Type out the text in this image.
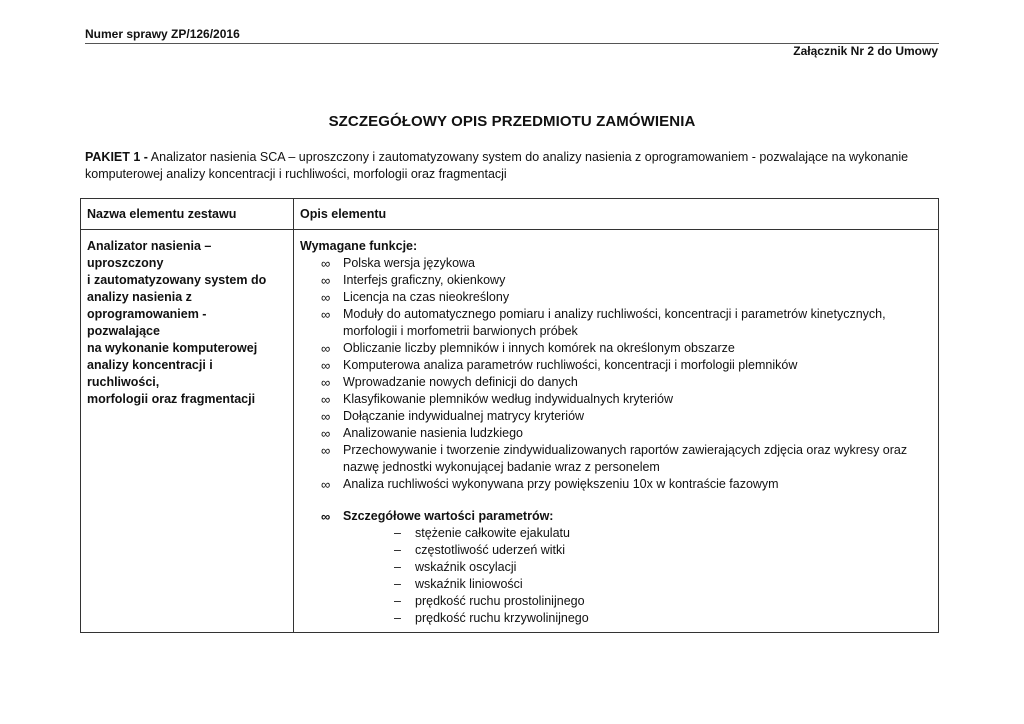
Numer sprawy ZP/126/2016
Załącznik Nr 2 do Umowy
SZCZEGÓŁOWY OPIS PRZEDMIOTU ZAMÓWIENIA
PAKIET 1 - Analizator nasienia SCA – uproszczony i zautomatyzowany system do analizy nasienia z oprogramowaniem - pozwalające na wykonanie komputerowej analizy koncentracji i ruchliwości, morfologii oraz fragmentacji
Nazwa elementu zestawu	Opis elementu
Analizator nasienia – uproszczony
i zautomatyzowany system do
analizy nasienia z
oprogramowaniem - pozwalające
na wykonanie komputerowej
analizy koncentracji i ruchliwości,
morfologii oraz fragmentacji
Wymagane funkcje:
∞ Polska wersja językowa
∞ Interfejs graficzny, okienkowy
∞ Licencja na czas nieokreślony
∞ Moduły do automatycznego pomiaru i analizy ruchliwości, koncentracji i parametrów kinetycznych, morfologii i morfometrii barwionych próbek
∞ Obliczanie liczby plemników i innych komórek na określonym obszarze
∞ Komputerowa analiza parametrów ruchliwości, koncentracji i morfologii plemników
∞ Wprowadzanie nowych definicji do danych
∞ Klasyfikowanie plemników według indywidualnych kryteriów
∞ Dołączanie indywidualnej matrycy kryteriów
∞ Analizowanie nasienia ludzkiego
∞ Przechowywanie i tworzenie zindywidualizowanych raportów zawierających zdjęcia oraz wykresy oraz nazwę jednostki wykonującej badanie wraz z personelem
∞ Analiza ruchliwości wykonywana przy powiększeniu 10x w kontraście fazowym
∞ Szczegółowe wartości parametrów:
– stężenie całkowite ejakulatu
– częstotliwość uderzeń witki
– wskaźnik oscylacji
– wskaźnik liniowości
– prędkość ruchu prostolinijnego
– prędkość ruchu krzywolinijnego
